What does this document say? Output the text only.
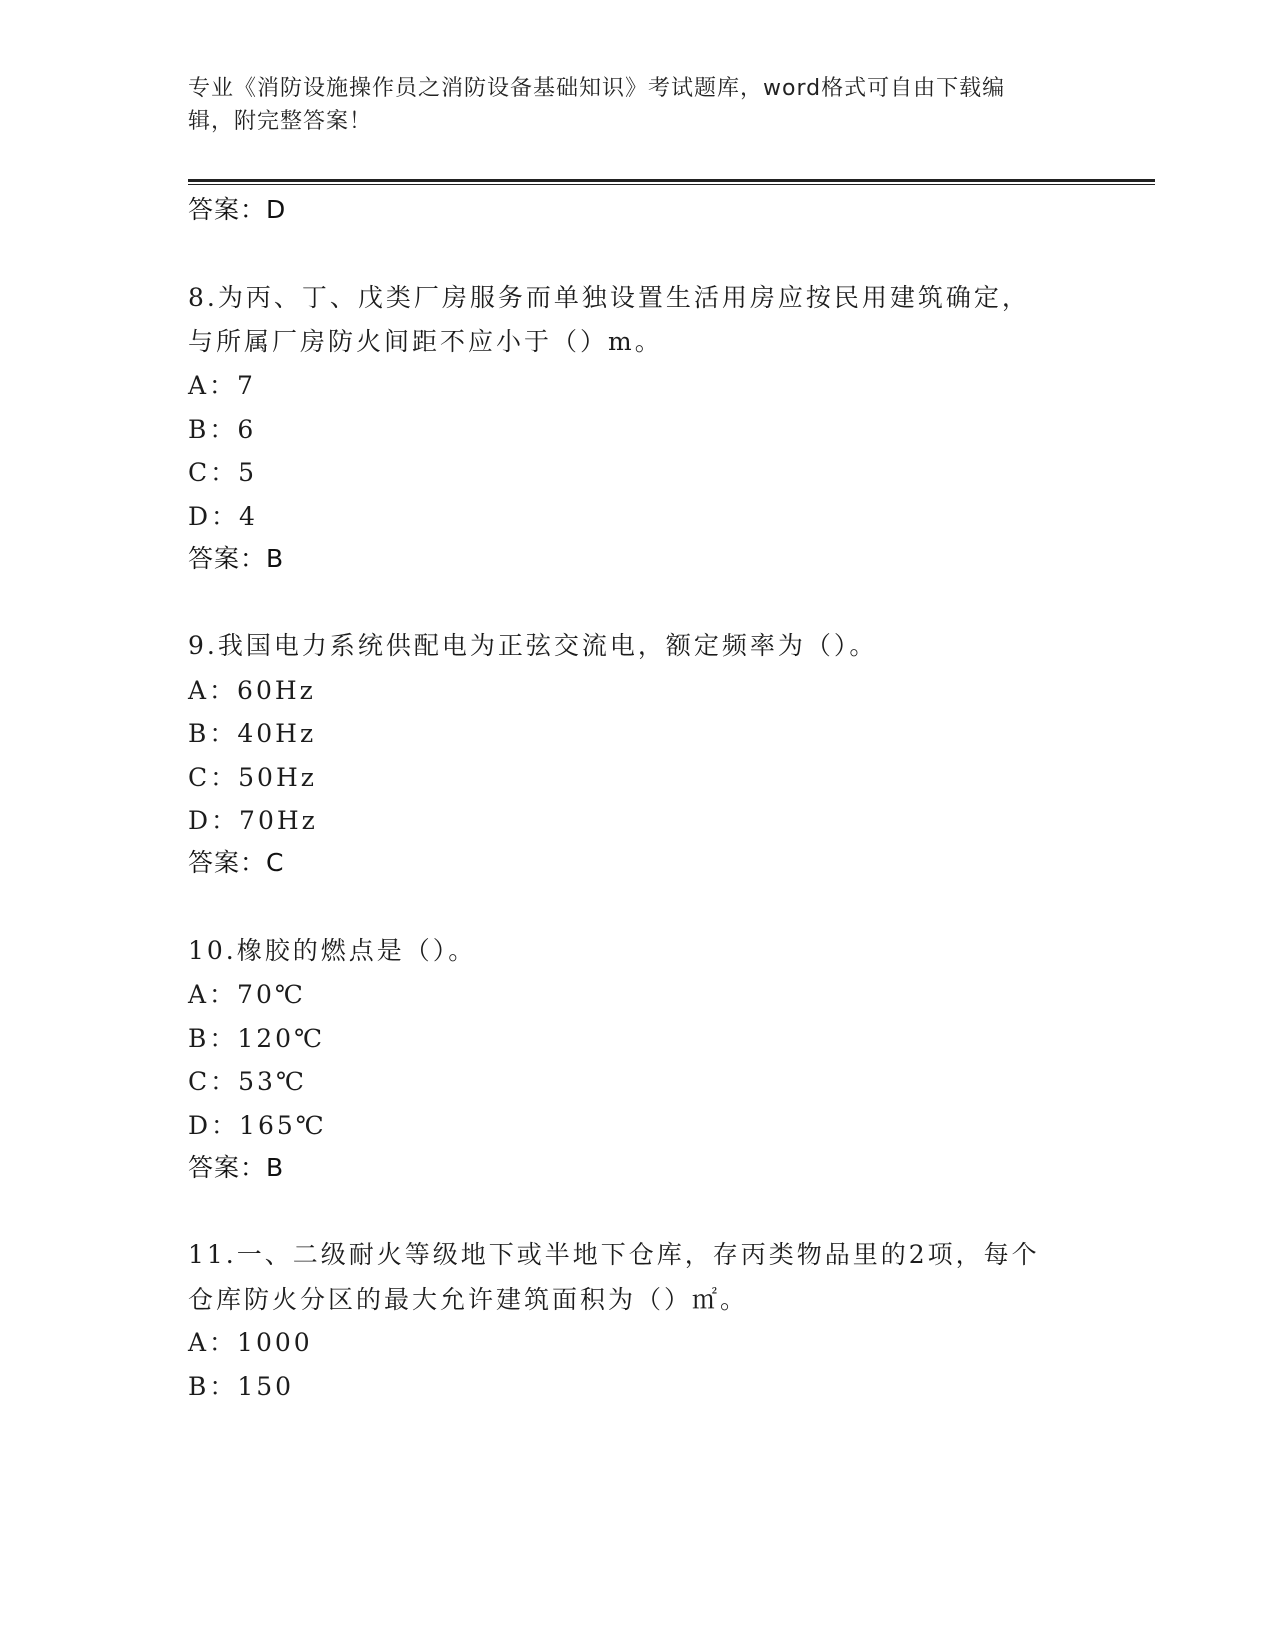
专业《消防设施操作员之消防设备基础知识》考试题库，word格式可自由下载编
辑，附完整答案！
答案：D
8.为丙、丁、戊类厂房服务而单独设置生活用房应按民用建筑确定，
与所属厂房防火间距不应小于（）m。
A：7
B：6
C：5
D：4
答案：B
9.我国电力系统供配电为正弦交流电，额定频率为（）。
A：60Hz
B：40Hz
C：50Hz
D：70Hz
答案：C
10.橡胶的燃点是（）。
A：70℃
B：120℃
C：53℃
D：165℃
答案：B
11.一、二级耐火等级地下或半地下仓库，存丙类物品里的2项，每个
仓库防火分区的最大允许建筑面积为（）㎡。
A：1000
B：150
